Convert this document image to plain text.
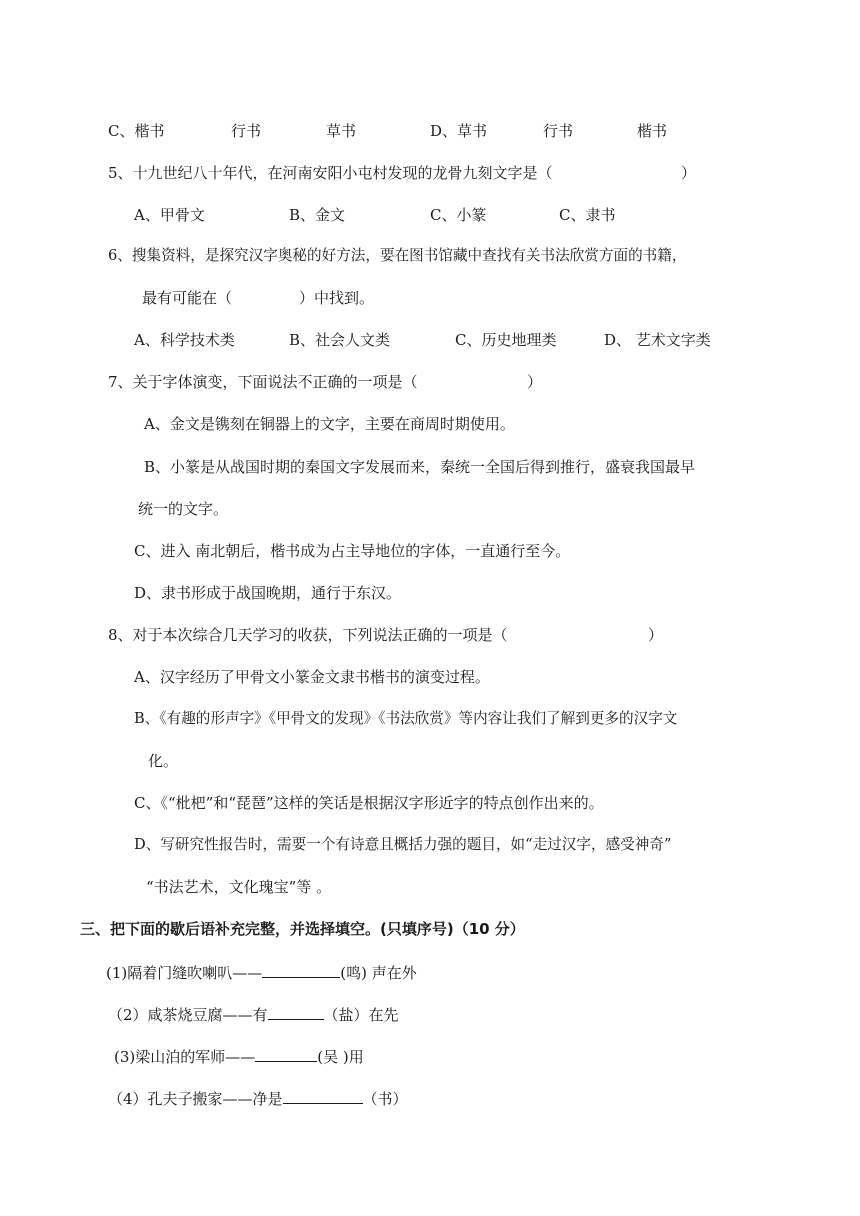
C、楷书	行书	草书	D、草书	行书	楷书
5、十九世纪八十年代，在河南安阳小屯村发现的龙骨九刻文字是（	）
A、甲骨文	B、金文	C、小篆	C、隶书
6、搜集资料，是探究汉字奥秘的好方法，要在图书馆藏中查找有关书法欣赏方面的书籍，
最有可能在（	）中找到。
A、科学技术类	B、社会人文类	C、历史地理类	D、 艺术文字类
7、关于字体演变，下面说法不正确的一项是（	）
A、金文是镌刻在铜器上的文字，主要在商周时期使用。
B、小篆是从战国时期的秦国文字发展而来，秦统一全国后得到推行，盛衰我国最早
统一的文字。
C、进入 南北朝后，楷书成为占主导地位的字体，一直通行至今。
D、隶书形成于战国晚期，通行于东汉。
8、对于本次综合几天学习的收获，下列说法正确的一项是（	）
A、汉字经历了甲骨文小篆金文隶书楷书的演变过程。
B、《有趣的形声字》《甲骨文的发现》《书法欣赏》等内容让我们了解到更多的汉字文
化。
C、《“枇杷”和“琵琶”这样的笑话是根据汉字形近字的特点创作出来的。
D、写研究性报告时，需要一个有诗意且概括力强的题目，如“走过汉字，感受神奇”
“书法艺术，文化瑰宝”等 。
三、把下面的歇后语补充完整，并选择填空。(只填序号)（10 分）
(1)隔着门缝吹喇叭——	(鸣) 声在外
（2）咸茶烧豆腐——有	（盐）在先
(3)梁山泊的军师——	(吴 )用
（4）孔夫子搬家——净是	（书）
